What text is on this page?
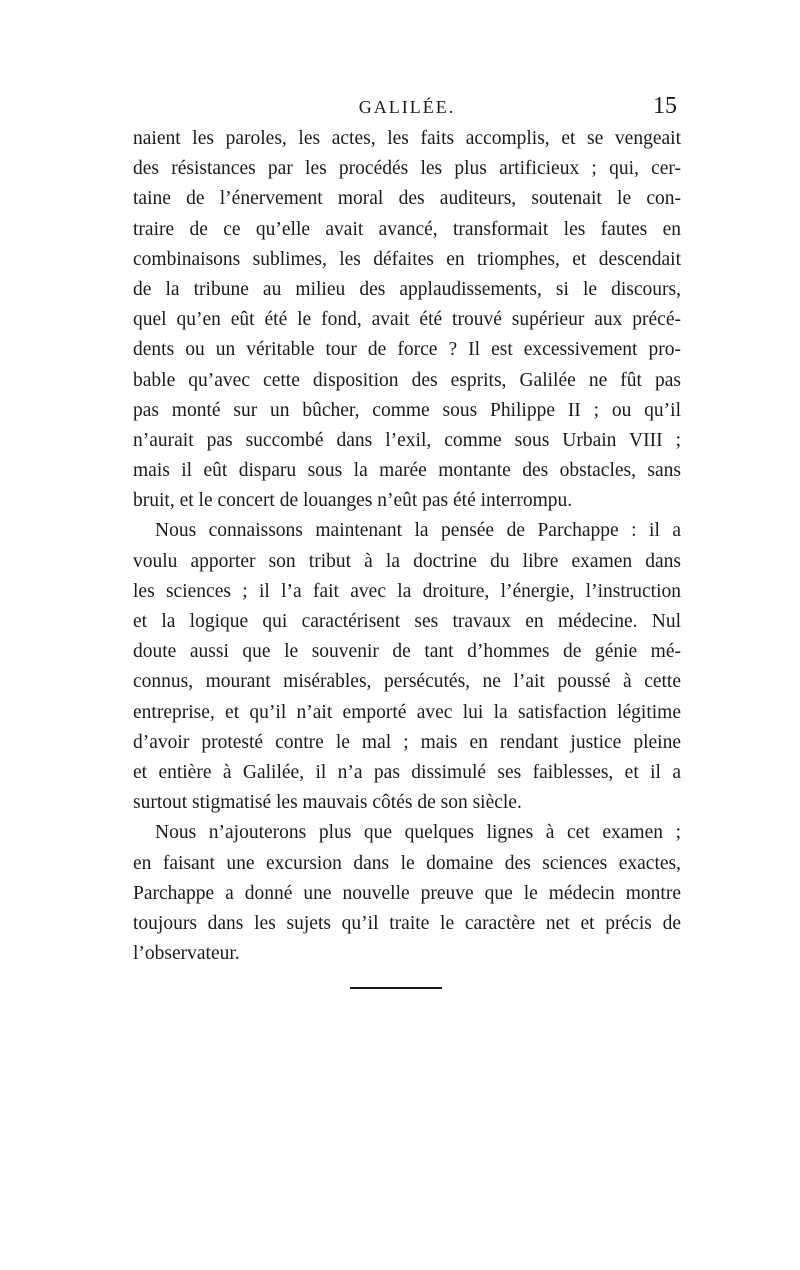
GALILÉE.	15
naient les paroles, les actes, les faits accomplis, et se vengeait
des résistances par les procédés les plus artificieux ; qui, cer-
taine de l’énervement moral des auditeurs, soutenait le con-
traire de ce qu’elle avait avancé, transformait les fautes en
combinaisons sublimes, les défaites en triomphes, et descendait
de la tribune au milieu des applaudissements, si le discours,
quel qu’en eût été le fond, avait été trouvé supérieur aux précé-
dents ou un véritable tour de force ? Il est excessivement pro-
bable qu’avec cette disposition des esprits, Galilée ne fût pas
pas monté sur un bûcher, comme sous Philippe II ; ou qu’il
n’aurait pas succombé dans l’exil, comme sous Urbain VIII ;
mais il eût disparu sous la marée montante des obstacles, sans
bruit, et le concert de louanges n’eût pas été interrompu.
Nous connaissons maintenant la pensée de Parchappe : il a
voulu apporter son tribut à la doctrine du libre examen dans
les sciences ; il l’a fait avec la droiture, l’énergie, l’instruction
et la logique qui caractérisent ses travaux en médecine. Nul
doute aussi que le souvenir de tant d’hommes de génie mé-
connus, mourant misérables, persécutés, ne l’ait poussé à cette
entreprise, et qu’il n’ait emporté avec lui la satisfaction légitime
d’avoir protesté contre le mal ; mais en rendant justice pleine
et entière à Galilée, il n’a pas dissimulé ses faiblesses, et il a
surtout stigmatisé les mauvais côtés de son siècle.
Nous n’ajouterons plus que quelques lignes à cet examen ;
en faisant une excursion dans le domaine des sciences exactes,
Parchappe a donné une nouvelle preuve que le médecin montre
toujours dans les sujets qu’il traite le caractère net et précis de
l’observateur.
